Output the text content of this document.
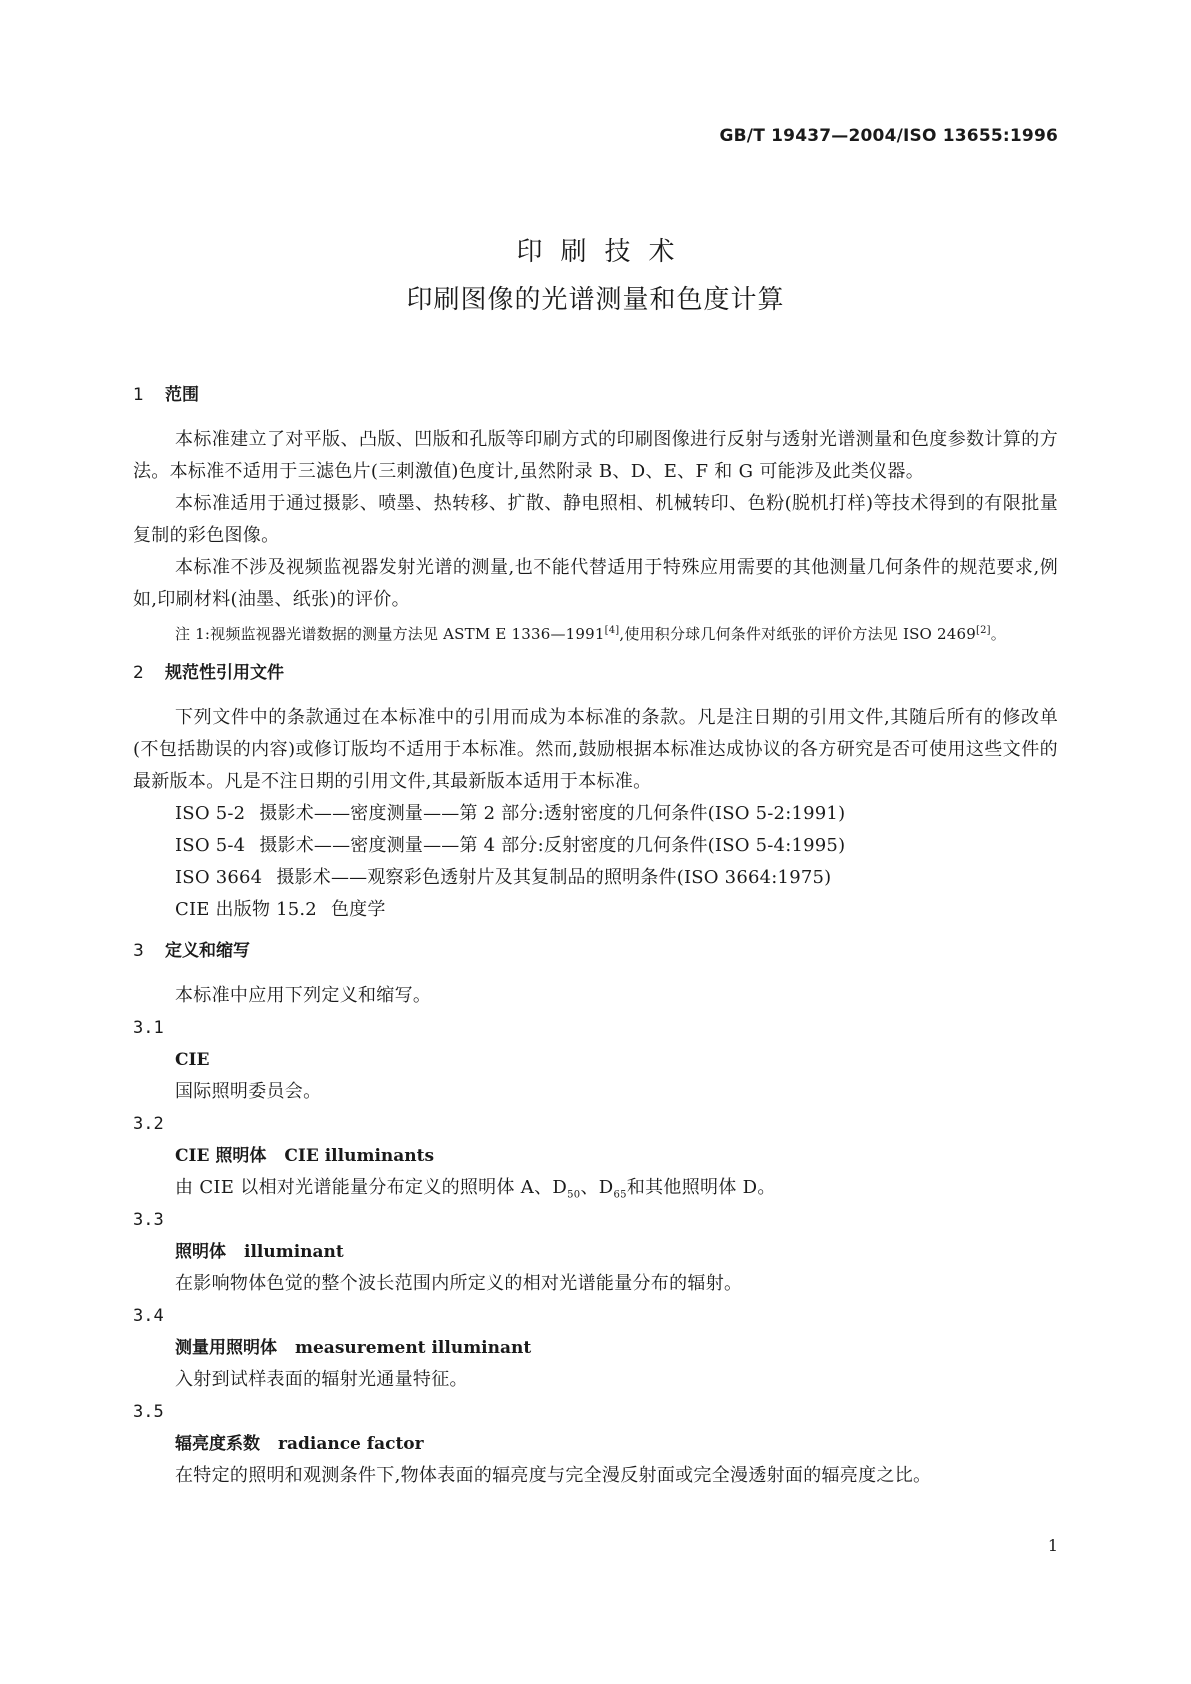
GB/T 19437—2004/ISO 13655:1996
印刷技术
印刷图像的光谱测量和色度计算
1 范围

本标准建立了对平版、凸版、凹版和孔版等印刷方式的印刷图像进行反射与透射光谱测量和色度参数计算的方法。本标准不适用于三滤色片(三刺激值)色度计,虽然附录 B、D、E、F 和 G 可能涉及此类仪器。

本标准适用于通过摄影、喷墨、热转移、扩散、静电照相、机械转印、色粉(脱机打样)等技术得到的有限批量复制的彩色图像。

本标准不涉及视频监视器发射光谱的测量,也不能代替适用于特殊应用需要的其他测量几何条件的规范要求,例如,印刷材料(油墨、纸张)的评价。

注 1:视频监视器光谱数据的测量方法见 ASTM E 1336—1991[4],使用积分球几何条件对纸张的评价方法见 ISO 2469[2]。

2 规范性引用文件

下列文件中的条款通过在本标准中的引用而成为本标准的条款。凡是注日期的引用文件,其随后所有的修改单(不包括勘误的内容)或修订版均不适用于本标准。然而,鼓励根据本标准达成协议的各方研究是否可使用这些文件的最新版本。凡是不注日期的引用文件,其最新版本适用于本标准。

ISO 5-2 摄影术——密度测量——第 2 部分:透射密度的几何条件(ISO 5-2:1991)

ISO 5-4 摄影术——密度测量——第 4 部分:反射密度的几何条件(ISO 5-4:1995)

ISO 3664 摄影术——观察彩色透射片及其复制品的照明条件(ISO 3664:1975)

CIE 出版物 15.2 色度学

3 定义和缩写

本标准中应用下列定义和缩写。

3.1

CIE

国际照明委员会。

3.2

CIE 照明体 CIE illuminants

由 CIE 以相对光谱能量分布定义的照明体 A、$D_{50}$、$D_{65}$和其他照明体 D。

3.3

照明体 illuminant

在影响物体色觉的整个波长范围内所定义的相对光谱能量分布的辐射。

3.4

测量用照明体 measurement illuminant

入射到试样表面的辐射光通量特征。

3.5

辐亮度系数 radiance factor

在特定的照明和观测条件下,物体表面的辐亮度与完全漫反射面或完全漫透射面的辐亮度之比。

1
